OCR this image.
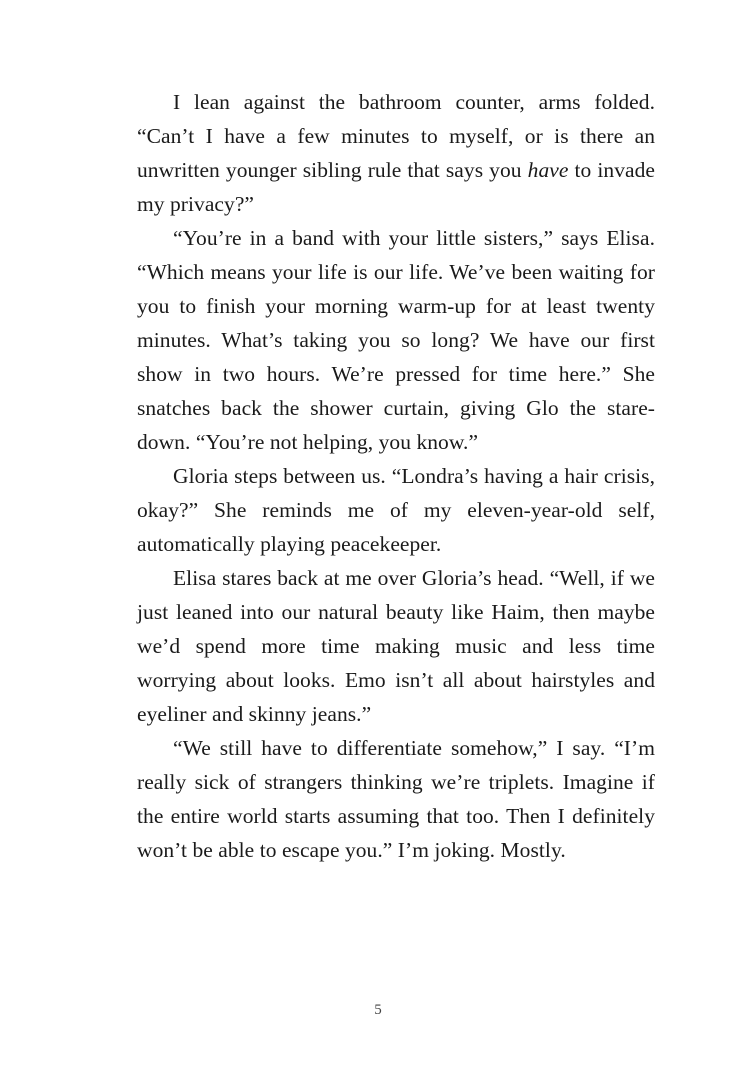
I lean against the bathroom counter, arms folded. “Can’t I have a few minutes to myself, or is there an unwritten younger sibling rule that says you have to invade my privacy?”

“You’re in a band with your little sisters,” says Elisa. “Which means your life is our life. We’ve been waiting for you to finish your morning warm-up for at least twenty minutes. What’s taking you so long? We have our first show in two hours. We’re pressed for time here.” She snatches back the shower curtain, giving Glo the stare-down. “You’re not helping, you know.”

Gloria steps between us. “Londra’s having a hair crisis, okay?” She reminds me of my eleven-year-old self, automatically playing peacekeeper.

Elisa stares back at me over Gloria’s head. “Well, if we just leaned into our natural beauty like Haim, then maybe we’d spend more time making music and less time worrying about looks. Emo isn’t all about hairstyles and eyeliner and skinny jeans.”

“We still have to differentiate somehow,” I say. “I’m really sick of strangers thinking we’re triplets. Imagine if the entire world starts assuming that too. Then I definitely won’t be able to escape you.” I’m joking. Mostly.

5
